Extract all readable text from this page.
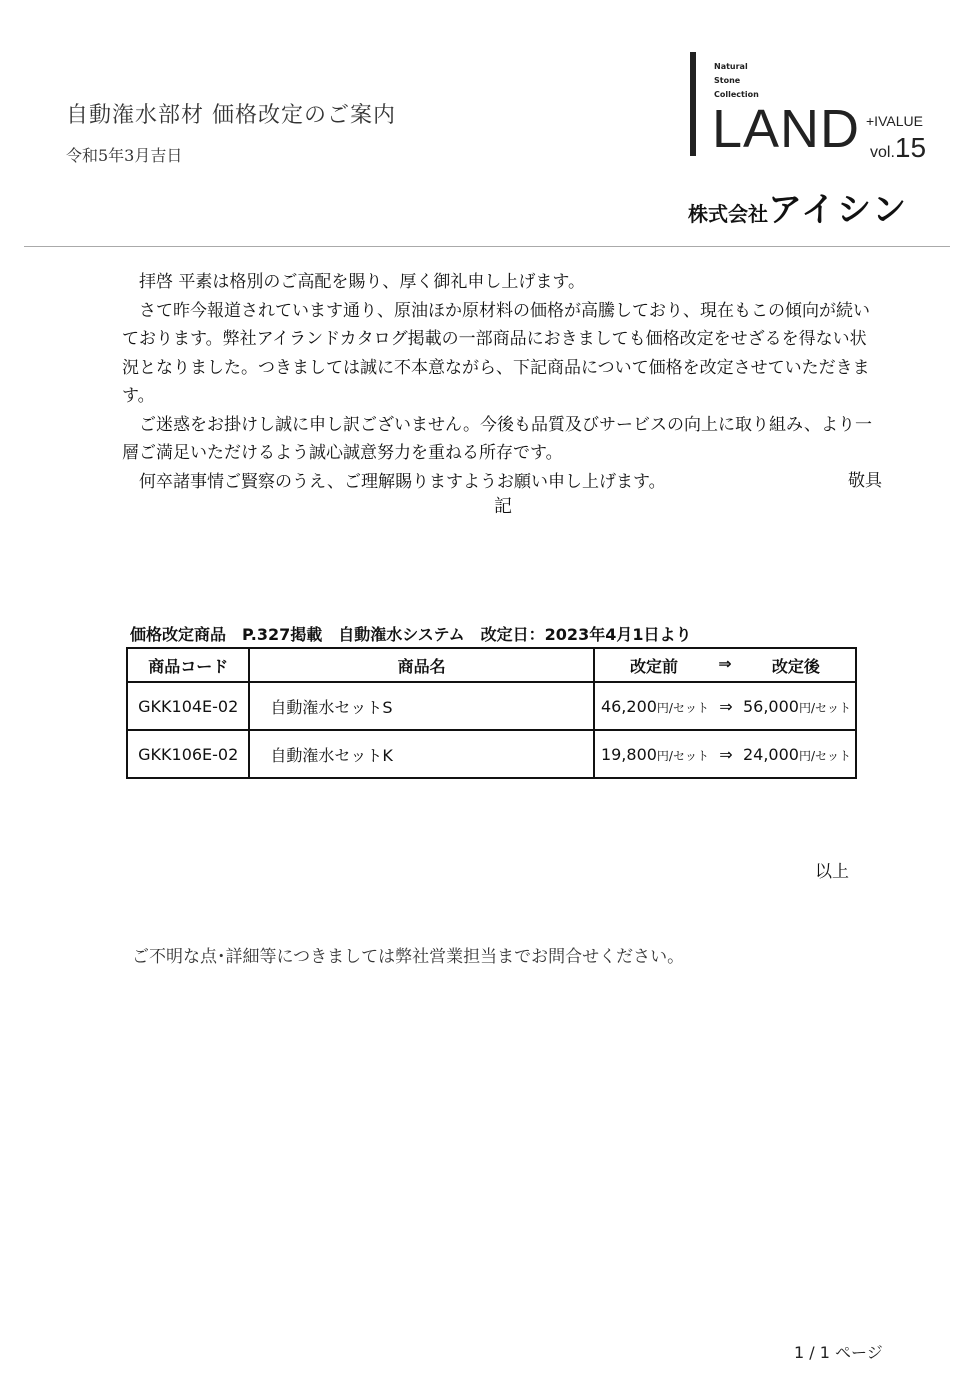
自動潅水部材 価格改定のご案内
令和5年3月吉日
Natural
Stone
Collection
LAND +IVALUE
vol.15
株式会社アイシン

拝啓 平素は格別のご高配を賜り、厚く御礼申し上げます。

さて昨今報道されています通り、原油ほか原材料の価格が高騰しており、現在もこの傾向が続いております。弊社アイランドカタログ掲載の一部商品におきましても価格改定をせざるを得ない状況となりました。つきましては誠に不本意ながら、下記商品について価格を改定させていただきます。

ご迷惑をお掛けし誠に申し訳ございません。今後も品質及びサービスの向上に取り組み、より一層ご満足いただけるよう誠心誠意努力を重ねる所存です。

何卒諸事情ご賢察のうえ、ご理解賜りますようお願い申し上げます。	敬具
記
価格改定商品　P.327掲載　自動潅水システム　改定日：2023年4月1日より
商品コード	商品名	改定前 ⇒ 改定後

GKK104E-02	自動潅水セットS	46,200円/セット ⇒ 56,000円/セット
GKK106E-02	自動潅水セットK	19,800円/セット ⇒ 24,000円/セット
以上
ご不明な点･詳細等につきましては弊社営業担当までお問合せください。
1 / 1 ページ
